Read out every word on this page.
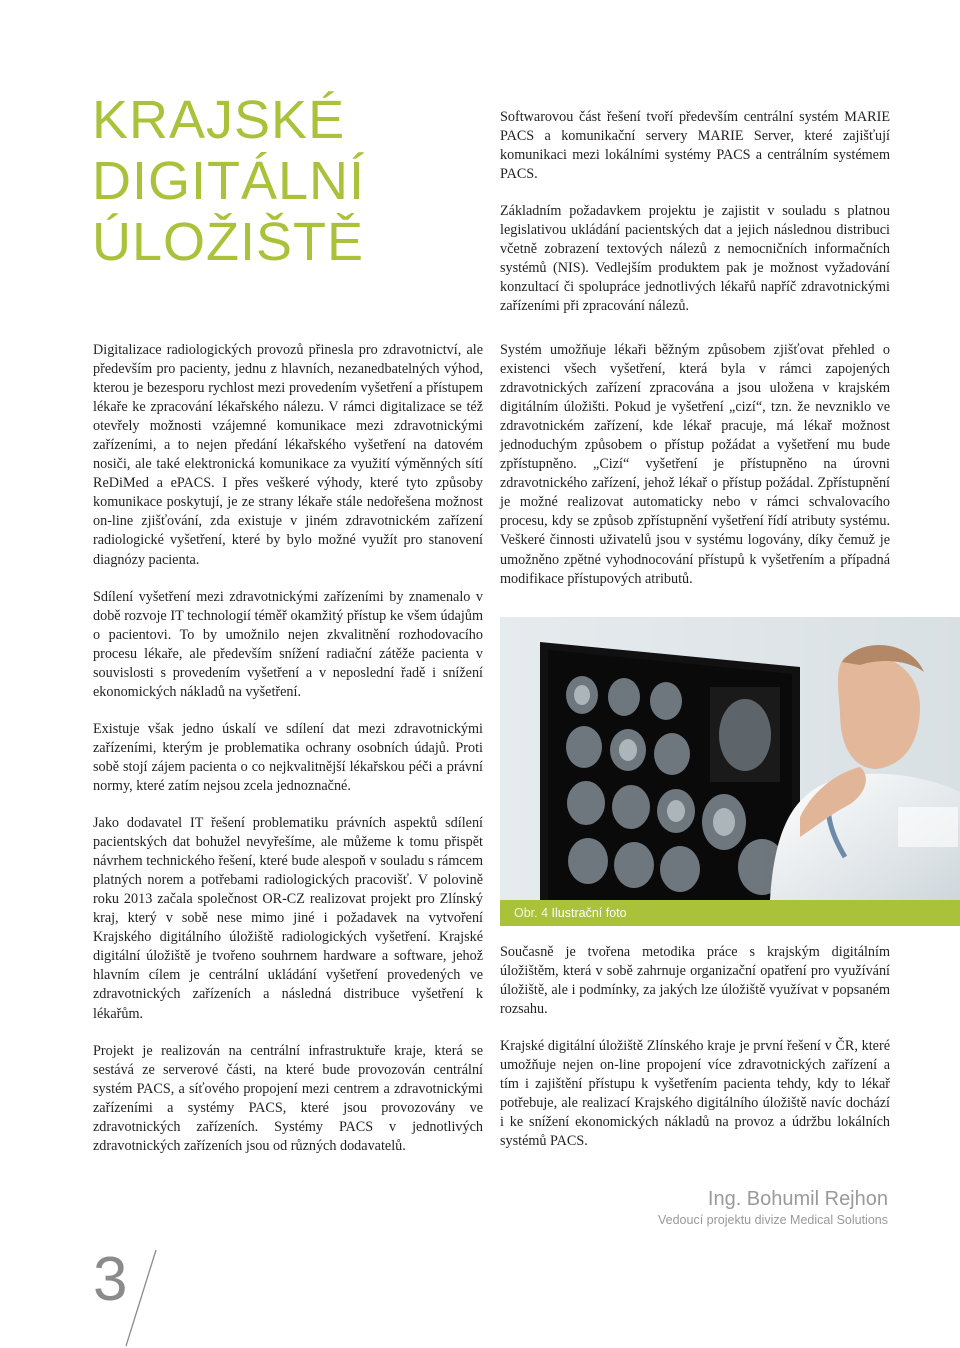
KRAJSKÉ
DIGITÁLNÍ
ÚLOŽIŠTĚ

Softwarovou část řešení tvoří především centrální systém MARIE PACS a komunikační servery MARIE Server, které zajišťují komunikaci mezi lokálními systémy PACS a centrálním systémem PACS.

Základním požadavkem projektu je zajistit v souladu s platnou legislativou ukládání pacientských dat a jejich následnou distribuci včetně zobrazení textových nálezů z nemocničních informačních systémů (NIS). Vedlejším produktem pak je možnost vyžadování konzultací či spolupráce jednotlivých lékařů napříč zdravotnickými zařízeními při zpracování nálezů.

Digitalizace radiologických provozů přinesla pro zdravotnictví, ale především pro pacienty, jednu z hlavních, nezanedbatelných výhod, kterou je bezesporu rychlost mezi provedením vyšetření a přístupem lékaře ke zpracování lékařského nálezu. V rámci digitalizace se též otevřely možnosti vzájemné komunikace mezi zdravotnickými zařízeními, a to nejen předání lékařského vyšetření na datovém nosiči, ale také elektronická komunikace za využití výměnných sítí ReDiMed a ePACS. I přes veškeré výhody, které tyto způsoby komunikace poskytují, je ze strany lékaře stále nedořešena možnost on-line zjišťování, zda existuje v jiném zdravotnickém zařízení radiologické vyšetření, které by bylo možné využít pro stanovení diagnózy pacienta.

Sdílení vyšetření mezi zdravotnickými zařízeními by znamenalo v době rozvoje IT technologií téměř okamžitý přístup ke všem údajům o pacientovi. To by umožnilo nejen zkvalitnění rozhodovacího procesu lékaře, ale především snížení radiační zátěže pacienta v souvislosti s provedením vyšetření a v neposlední řadě i snížení ekonomických nákladů na vyšetření.

Existuje však jedno úskalí ve sdílení dat mezi zdravotnickými zařízeními, kterým je problematika ochrany osobních údajů. Proti sobě stojí zájem pacienta o co nejkvalitnější lékařskou péči a právní normy, které zatím nejsou zcela jednoznačné.

Jako dodavatel IT řešení problematiku právních aspektů sdílení pacientských dat bohužel nevyřešíme, ale můžeme k tomu přispět návrhem technického řešení, které bude alespoň v souladu s rámcem platných norem a potřebami radiologických pracovišť. V polovině roku 2013 začala společnost OR-CZ realizovat projekt pro Zlínský kraj, který v sobě nese mimo jiné i požadavek na vytvoření Krajského digitálního úložiště radiologických vyšetření. Krajské digitální úložiště je tvořeno souhrnem hardware a software, jehož hlavním cílem je centrální ukládání vyšetření provedených ve zdravotnických zařízeních a následná distribuce vyšetření k lékařům.

Projekt je realizován na centrální infrastruktuře kraje, která se sestává ze serverové části, na které bude provozován centrální systém PACS, a síťového propojení mezi centrem a zdravotnickými zařízeními a systémy PACS, které jsou provozovány ve zdravotnických zařízeních. Systémy PACS v jednotlivých zdravotnických zařízeních jsou od různých dodavatelů.

Systém umožňuje lékaři běžným způsobem zjišťovat přehled o existenci všech vyšetření, která byla v rámci zapojených zdravotnických zařízení zpracována a jsou uložena v krajském digitálním úložišti. Pokud je vyšetření „cizí“, tzn. že nevzniklo ve zdravotnickém zařízení, kde lékař pracuje, má lékař možnost jednoduchým způsobem o přístup požádat a vyšetření mu bude zpřístupněno. „Cizí“ vyšetření je přístupněno na úrovni zdravotnického zařízení, jehož lékař o přístup požádal. Zpřístupnění je možné realizovat automaticky nebo v rámci schvalovacího procesu, kdy se způsob zpřístupnění vyšetření řídí atributy systému. Veškeré činnosti uživatelů jsou v systému logovány, díky čemuž je umožněno zpětné vyhodnocování přístupů k vyšetřením a případná modifikace přístupových atributů.

Obr. 4 Ilustrační foto

Současně je tvořena metodika práce s krajským digitálním úložištěm, která v sobě zahrnuje organizační opatření pro využívání úložiště, ale i podmínky, za jakých lze úložiště využívat v popsaném rozsahu.

Krajské digitální úložiště Zlínského kraje je první řešení v ČR, které umožňuje nejen on-line propojení více zdravotnických zařízení a tím i zajištění přístupu k vyšetřením pacienta tehdy, kdy to lékař potřebuje, ale realizací Krajského digitálního úložiště navíc dochází i ke snížení ekonomických nákladů na provoz a údržbu lokálních systémů PACS.

Ing. Bohumil Rejhon
Vedoucí projektu divize Medical Solutions
3
